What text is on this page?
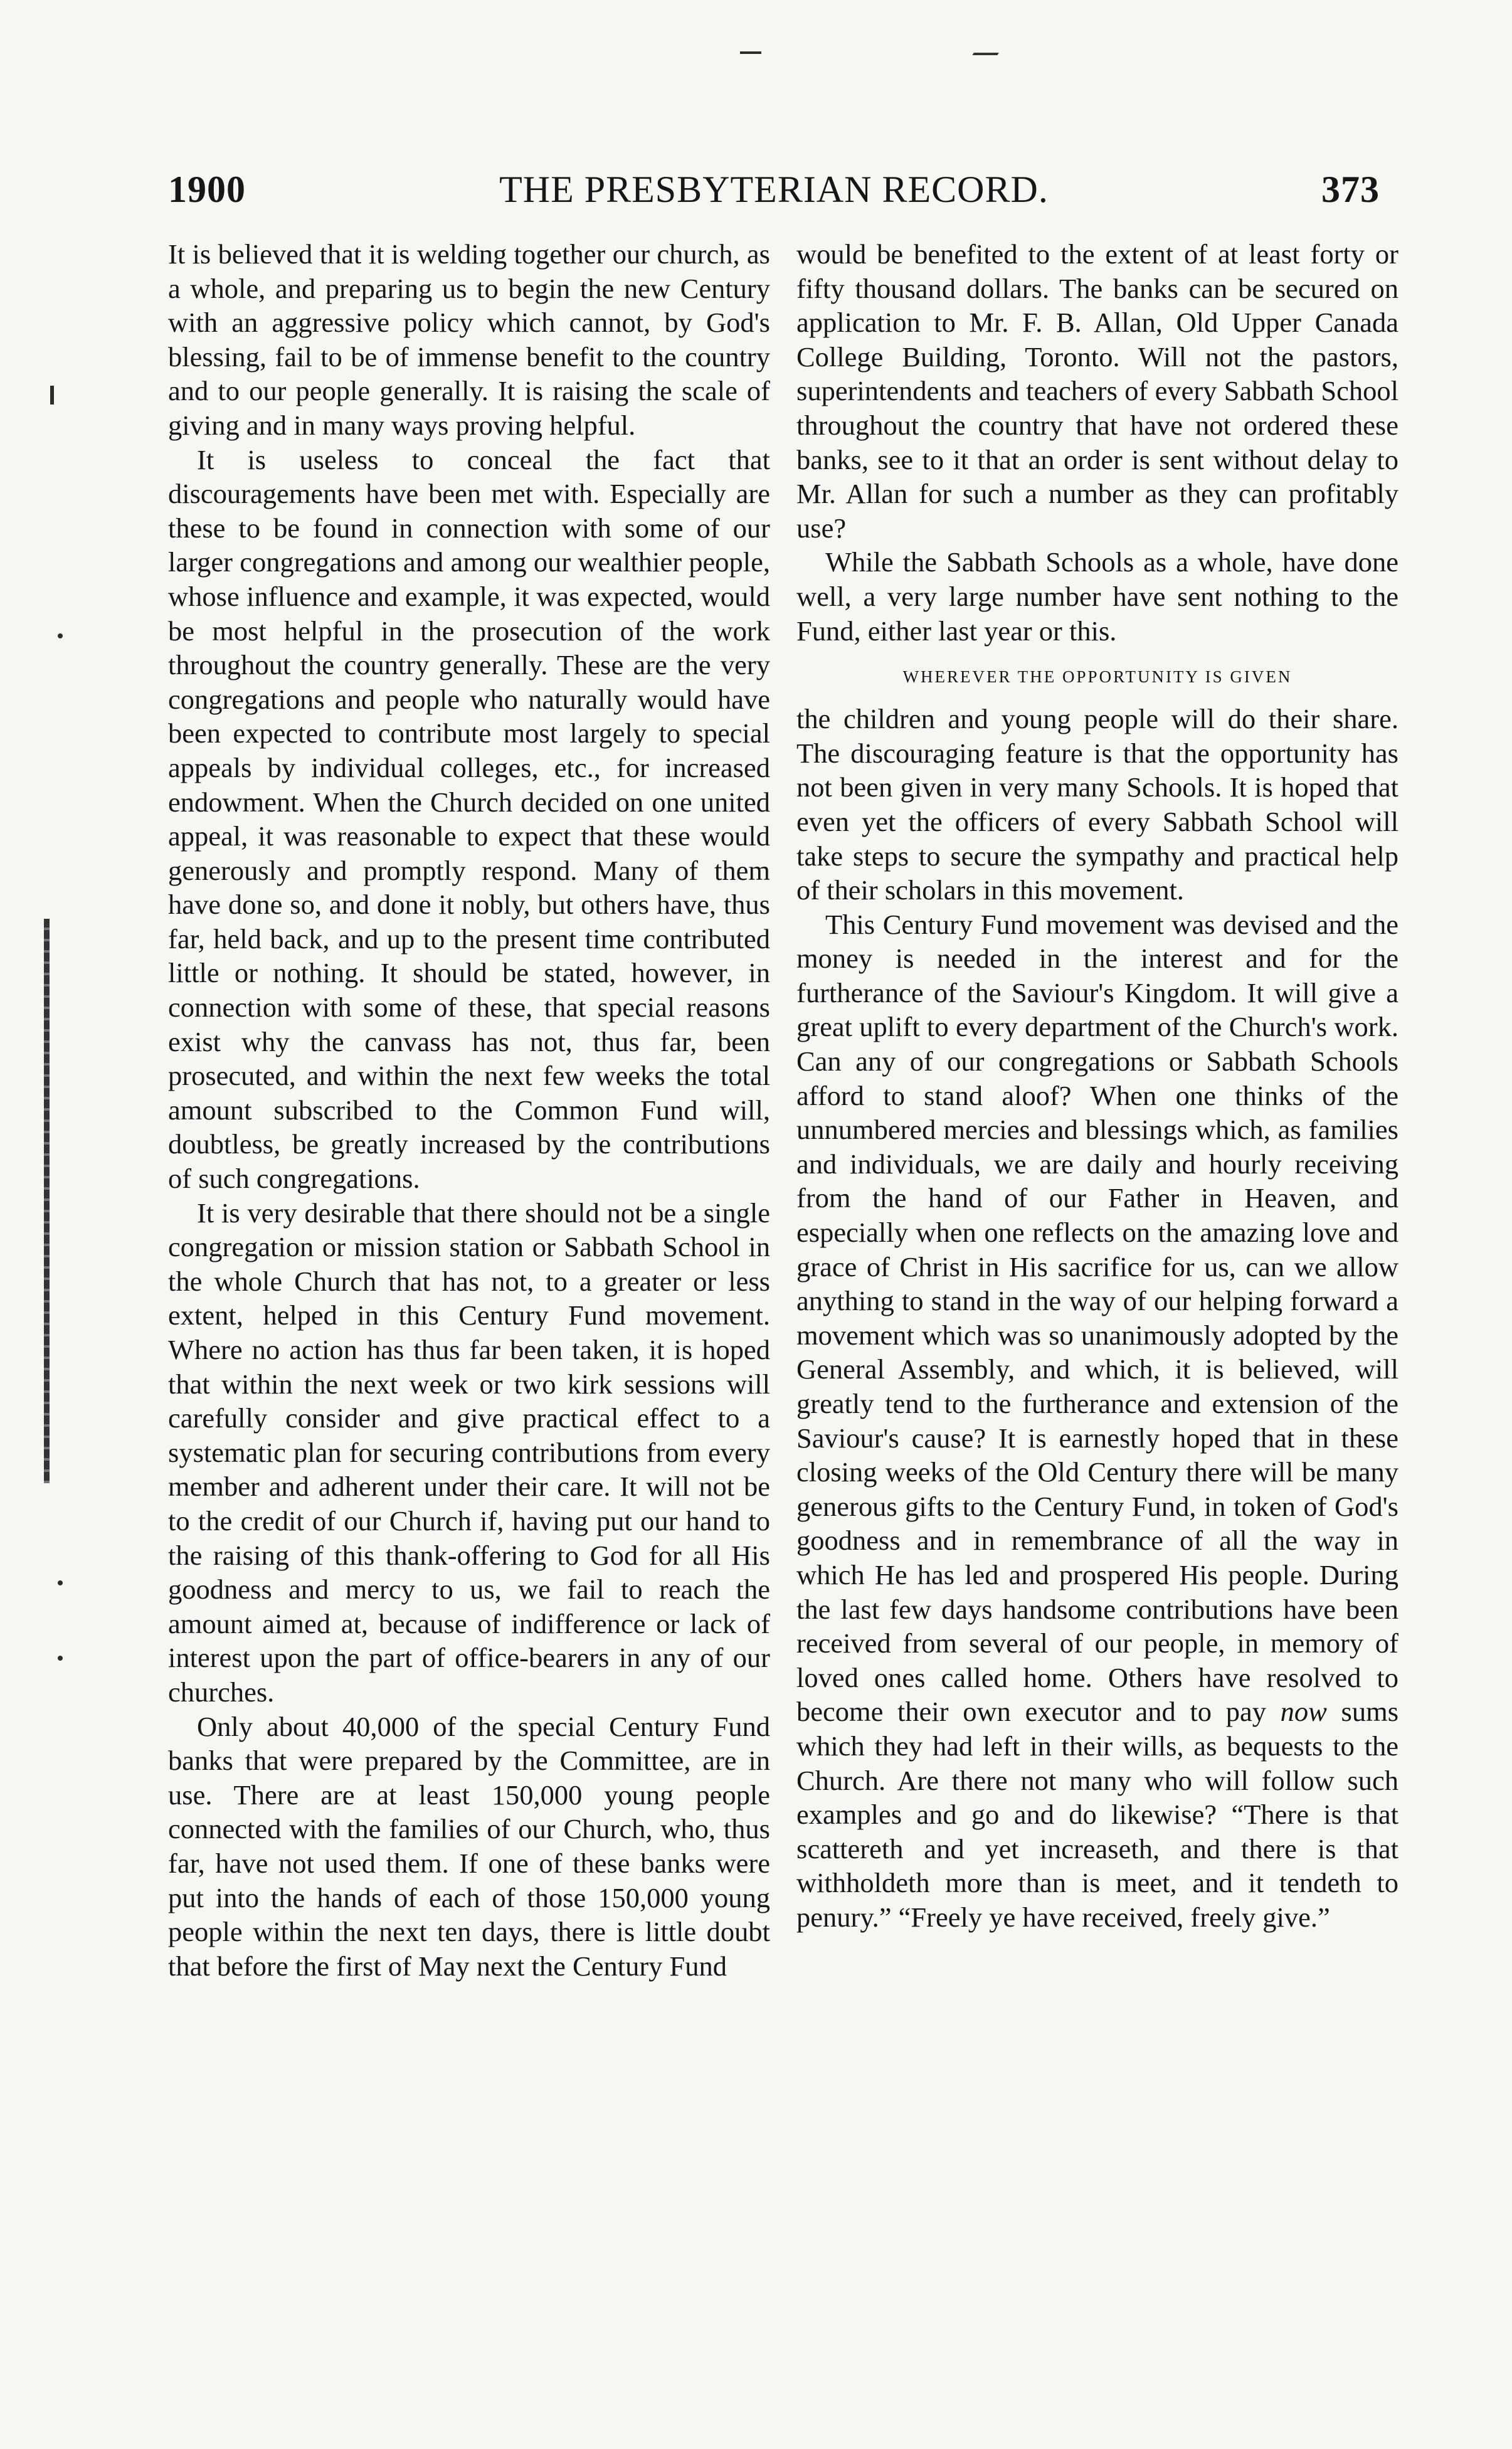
1900	THE PRESBYTERIAN RECORD.	373

It is believed that it is welding together our church, as a whole, and preparing us to begin the new Century with an aggressive policy which cannot, by God's blessing, fail to be of immense benefit to the country and to our people generally. It is raising the scale of giving and in many ways proving helpful.

It is useless to conceal the fact that discouragements have been met with. Especially are these to be found in connection with some of our larger congregations and among our wealthier people, whose influence and example, it was expected, would be most helpful in the prosecution of the work throughout the country generally. These are the very congregations and people who naturally would have been expected to contribute most largely to special appeals by individual colleges, etc., for increased endowment. When the Church decided on one united appeal, it was reasonable to expect that these would generously and promptly respond. Many of them have done so, and done it nobly, but others have, thus far, held back, and up to the present time contributed little or nothing. It should be stated, however, in connection with some of these, that special reasons exist why the canvass has not, thus far, been prosecuted, and within the next few weeks the total amount subscribed to the Common Fund will, doubtless, be greatly increased by the contributions of such congregations.

It is very desirable that there should not be a single congregation or mission station or Sabbath School in the whole Church that has not, to a greater or less extent, helped in this Century Fund movement. Where no action has thus far been taken, it is hoped that within the next week or two kirk sessions will carefully consider and give practical effect to a systematic plan for securing contributions from every member and adherent under their care. It will not be to the credit of our Church if, having put our hand to the raising of this thank-offering to God for all His goodness and mercy to us, we fail to reach the amount aimed at, because of indifference or lack of interest upon the part of office-bearers in any of our churches.

Only about 40,000 of the special Century Fund banks that were prepared by the Committee, are in use. There are at least 150,000 young people connected with the families of our Church, who, thus far, have not used them. If one of these banks were put into the hands of each of those 150,000 young people within the next ten days, there is little doubt that before the first of May next the Century Fund

would be benefited to the extent of at least forty or fifty thousand dollars. The banks can be secured on application to Mr. F. B. Allan, Old Upper Canada College Building, Toronto. Will not the pastors, superintendents and teachers of every Sabbath School throughout the country that have not ordered these banks, see to it that an order is sent without delay to Mr. Allan for such a number as they can profitably use?

While the Sabbath Schools as a whole, have done well, a very large number have sent nothing to the Fund, either last year or this.

WHEREVER THE OPPORTUNITY IS GIVEN

the children and young people will do their share. The discouraging feature is that the opportunity has not been given in very many Schools. It is hoped that even yet the officers of every Sabbath School will take steps to secure the sympathy and practical help of their scholars in this movement.

This Century Fund movement was devised and the money is needed in the interest and for the furtherance of the Saviour's Kingdom. It will give a great uplift to every department of the Church's work. Can any of our congregations or Sabbath Schools afford to stand aloof? When one thinks of the unnumbered mercies and blessings which, as families and individuals, we are daily and hourly receiving from the hand of our Father in Heaven, and especially when one reflects on the amazing love and grace of Christ in His sacrifice for us, can we allow anything to stand in the way of our helping forward a movement which was so unanimously adopted by the General Assembly, and which, it is believed, will greatly tend to the furtherance and extension of the Saviour's cause? It is earnestly hoped that in these closing weeks of the Old Century there will be many generous gifts to the Century Fund, in token of God's goodness and in remembrance of all the way in which He has led and prospered His people. During the last few days handsome contributions have been received from several of our people, in memory of loved ones called home. Others have resolved to become their own executor and to pay now sums which they had left in their wills, as bequests to the Church. Are there not many who will follow such examples and go and do likewise? “There is that scattereth and yet increaseth, and there is that withholdeth more than is meet, and it tendeth to penury.” “Freely ye have received, freely give.”
